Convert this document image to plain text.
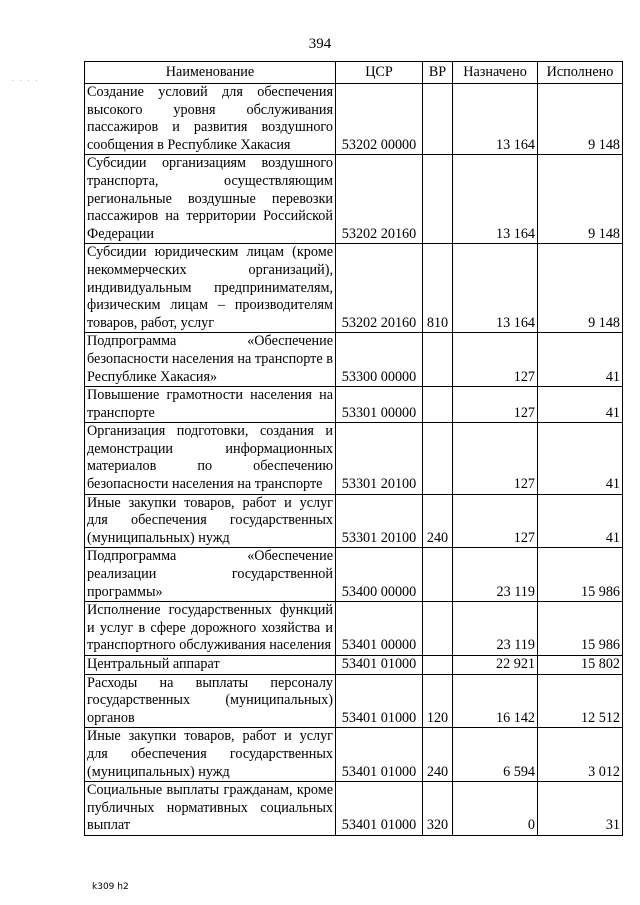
394
· · · ·
Наименование	ЦСР	ВР	Назначено	Исполнено
Создание условий для обеспечения высокого уровня обслуживания пассажиров и развития воздушного сообщения в Республике Хакасия	53202 00000		13 164	9 148
Субсидии организациям воздушного транспорта, осуществляющим региональные воздушные перевозки пассажиров на территории Российской Федерации	53202 20160		13 164	9 148
Субсидии юридическим лицам (кроме некоммерческих организаций), индивидуальным предпринимателям, физическим лицам – производителям товаров, работ, услуг	53202 20160	810	13 164	9 148
Подпрограмма «Обеспечение безопасности населения на транспорте в Республике Хакасия»	53300 00000		127	41
Повышение грамотности населения на транспорте	53301 00000		127	41
Организация подготовки, создания и демонстрации информационных материалов по обеспечению безопасности населения на транспорте	53301 20100		127	41
Иные закупки товаров, работ и услуг для обеспечения государственных (муниципальных) нужд	53301 20100	240	127	41
Подпрограмма «Обеспечение реализации государственной программы»	53400 00000		23 119	15 986
Исполнение государственных функций и услуг в сфере дорожного хозяйства и транспортного обслуживания населения	53401 00000		23 119	15 986
Центральный аппарат	53401 01000		22 921	15 802
Расходы на выплаты персоналу государственных (муниципальных) органов	53401 01000	120	16 142	12 512
Иные закупки товаров, работ и услуг для обеспечения государственных (муниципальных) нужд	53401 01000	240	6 594	3 012
Социальные выплаты гражданам, кроме публичных нормативных социальных выплат	53401 01000	320	0	31
k309 h2
